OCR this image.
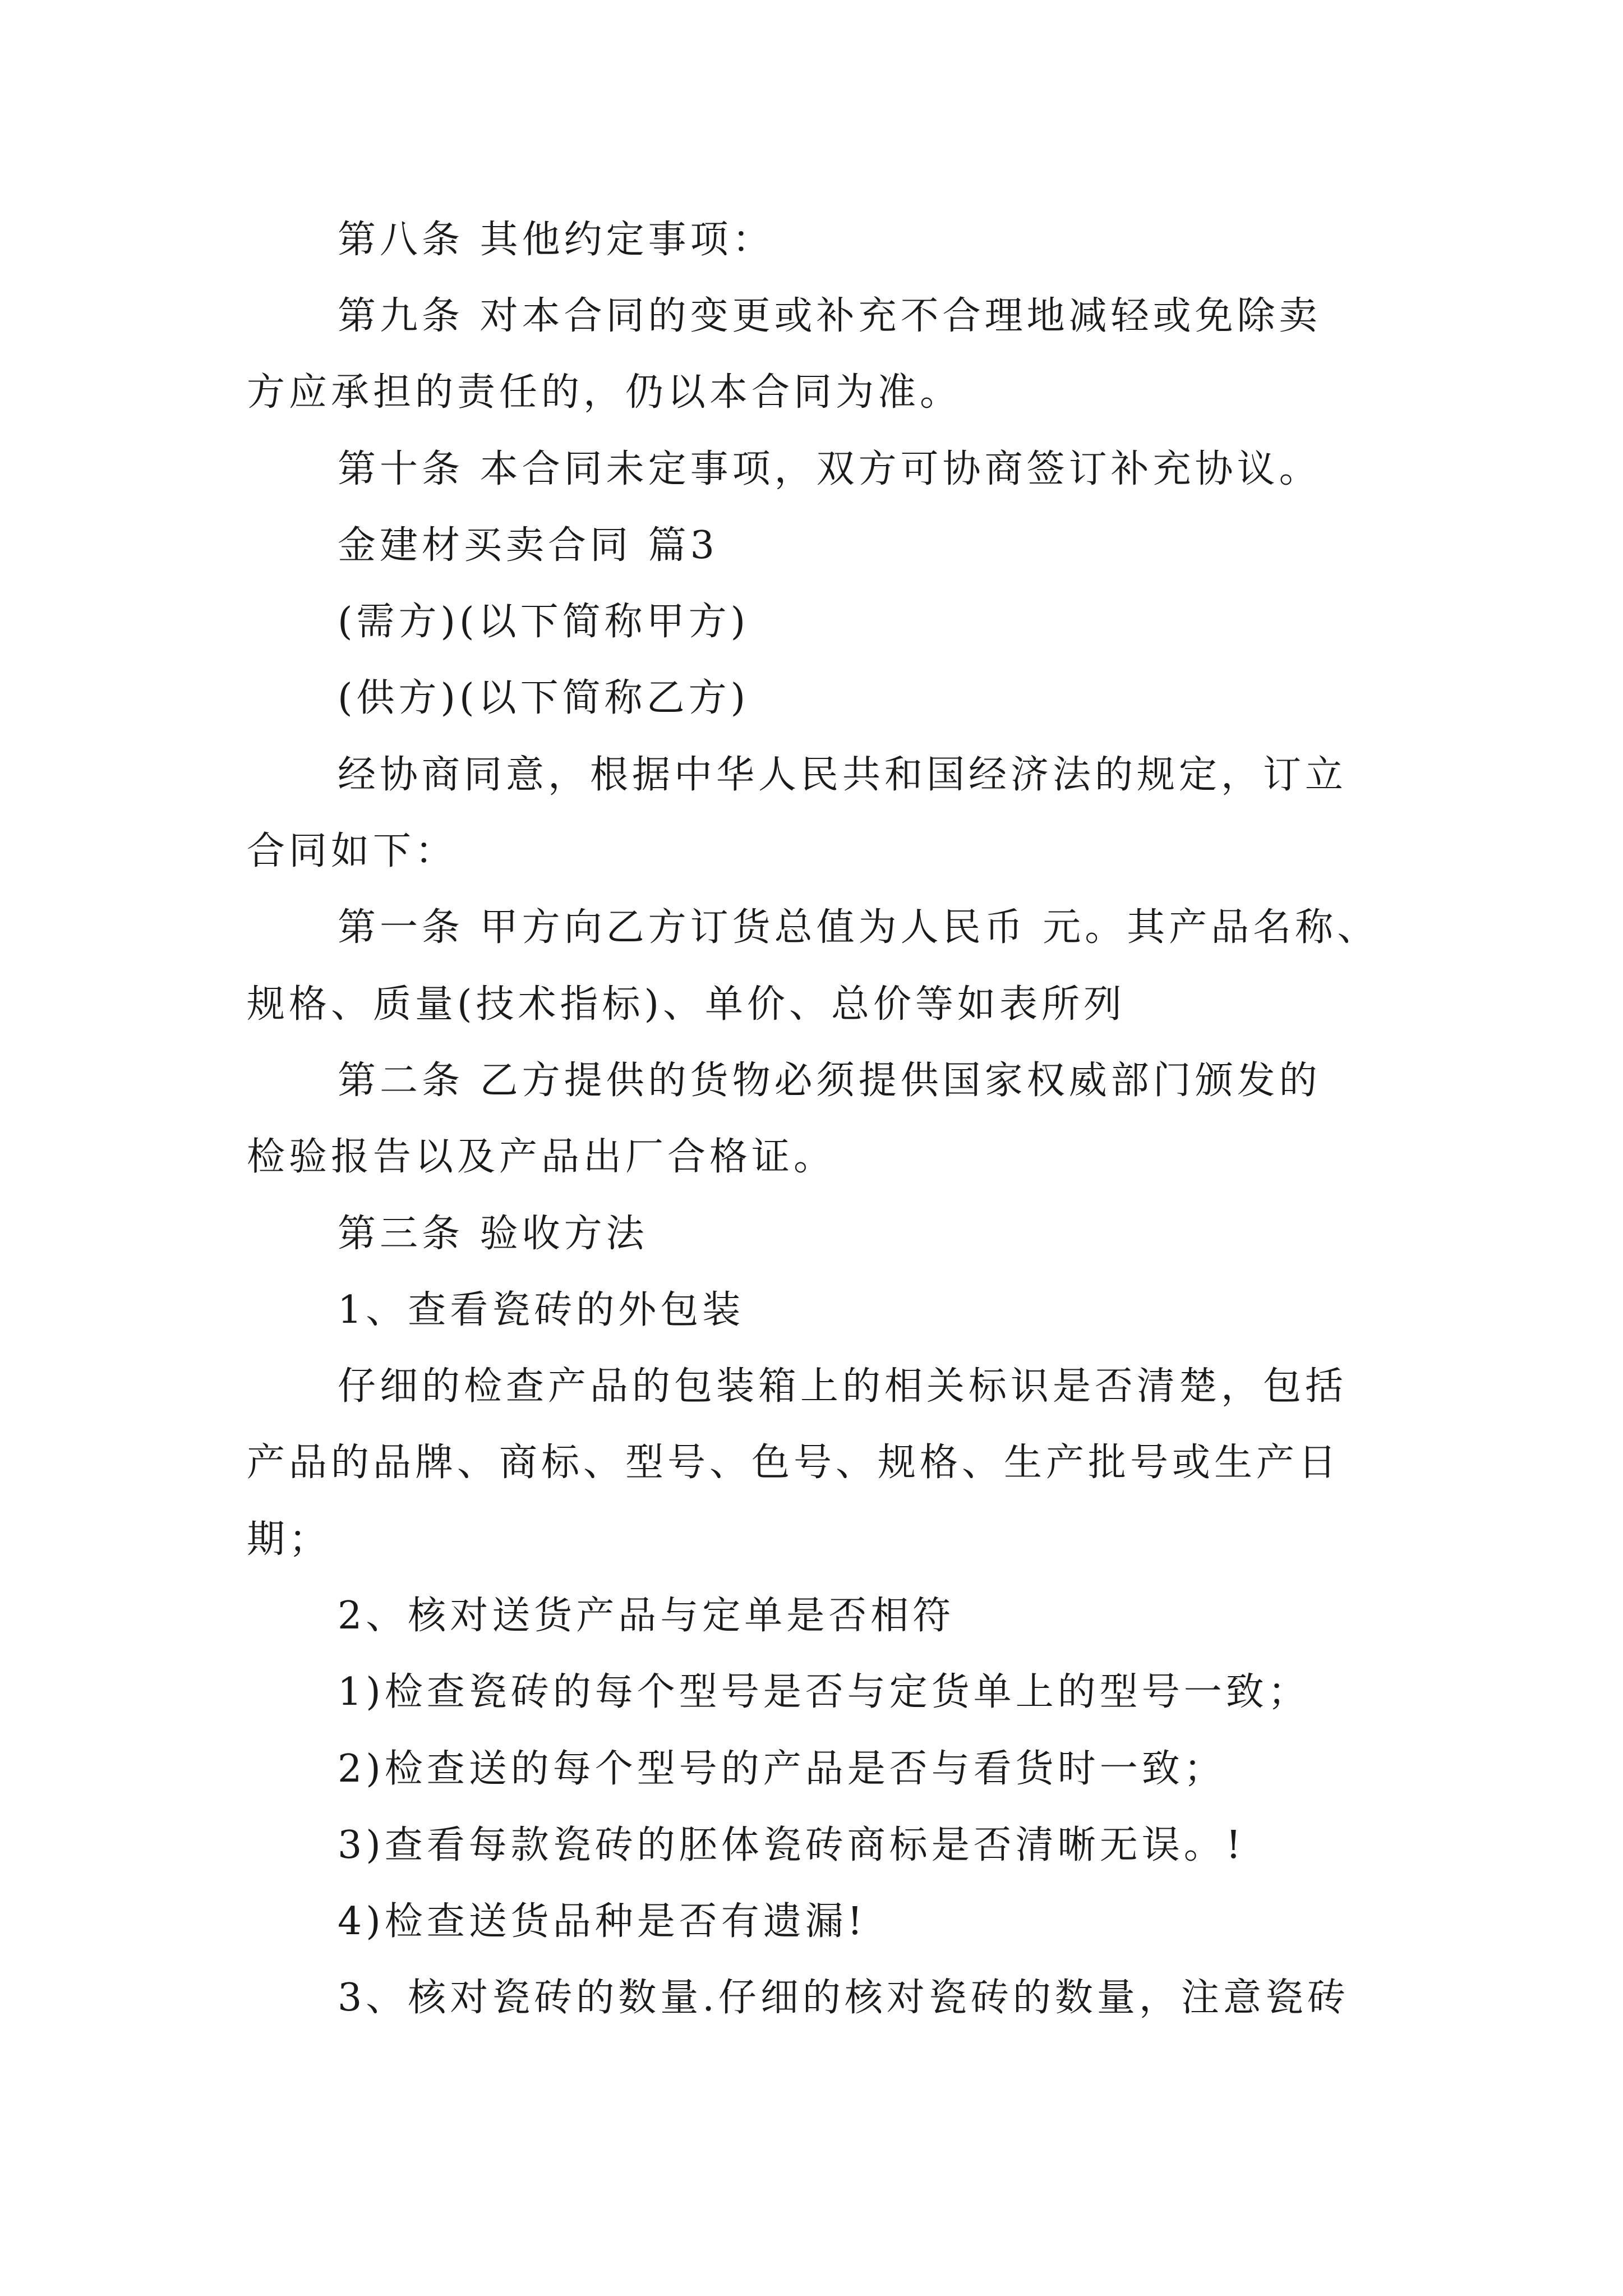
第八条 其他约定事项：
第九条 对本合同的变更或补充不合理地减轻或免除卖
方应承担的责任的，仍以本合同为准。
第十条 本合同未定事项，双方可协商签订补充协议。
金建材买卖合同 篇3
(需方)(以下简称甲方)
(供方)(以下简称乙方)
经协商同意，根据中华人民共和国经济法的规定，订立
合同如下：
第一条 甲方向乙方订货总值为人民币 元。其产品名称、
规格、质量(技术指标)、单价、总价等如表所列
第二条 乙方提供的货物必须提供国家权威部门颁发的
检验报告以及产品出厂合格证。
第三条 验收方法
1、查看瓷砖的外包装
仔细的检查产品的包装箱上的相关标识是否清楚，包括
产品的品牌、商标、型号、色号、规格、生产批号或生产日
期；
2、核对送货产品与定单是否相符
1)检查瓷砖的每个型号是否与定货单上的型号一致；
2)检查送的每个型号的产品是否与看货时一致；
3)查看每款瓷砖的胚体瓷砖商标是否清晰无误。!
4)检查送货品种是否有遗漏!
3、核对瓷砖的数量.仔细的核对瓷砖的数量，注意瓷砖
